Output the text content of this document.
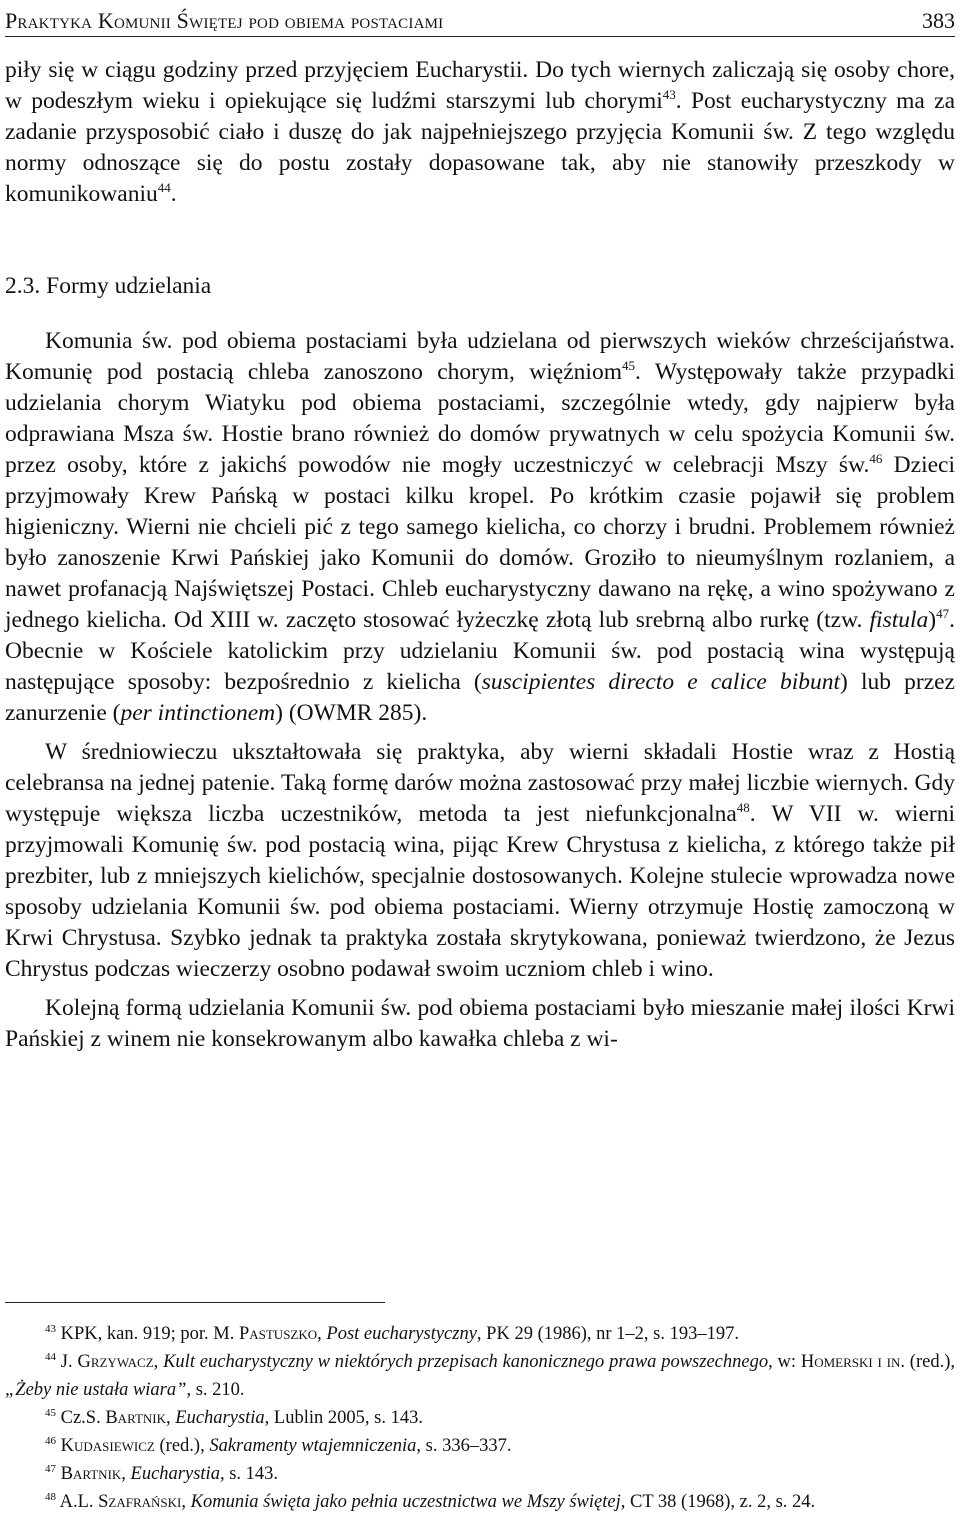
Praktyka Komunii Świętej pod obiema postaciami	383

piły się w ciągu godziny przed przyjęciem Eucharystii. Do tych wiernych zaliczają się osoby chore, w podeszłym wieku i opiekujące się ludźmi starszymi lub chorymi$^{43}$. Post eucharystyczny ma za zadanie przysposobić ciało i duszę do jak najpełniejszego przyjęcia Komunii św. Z tego względu normy odnoszące się do postu zostały dopasowane tak, aby nie stanowiły przeszkody w komunikowaniu$^{44}$.

2.3. Formy udzielania

Komunia św. pod obiema postaciami była udzielana od pierwszych wieków chrześcijaństwa. Komunię pod postacią chleba zanoszono chorym, więźniom$^{45}$. Występowały także przypadki udzielania chorym Wiatyku pod obiema postaciami, szczególnie wtedy, gdy najpierw była odprawiana Msza św. Hostie brano również do domów prywatnych w celu spożycia Komunii św. przez osoby, które z jakichś powodów nie mogły uczestniczyć w celebracji Mszy św.$^{46}$ Dzieci przyjmowały Krew Pańską w postaci kilku kropel. Po krótkim czasie pojawił się problem higieniczny. Wierni nie chcieli pić z tego samego kielicha, co chorzy i brudni. Problemem również było zanoszenie Krwi Pańskiej jako Komunii do domów. Groziło to nieumyślnym rozlaniem, a nawet profanacją Najświętszej Postaci. Chleb eucharystyczny dawano na rękę, a wino spożywano z jednego kielicha. Od XIII w. zaczęto stosować łyżeczkę złotą lub srebrną albo rurkę (tzw. fistula)$^{47}$. Obecnie w Kościele katolickim przy udzielaniu Komunii św. pod postacią wina występują następujące sposoby: bezpośrednio z kielicha (suscipientes directo e calice bibunt) lub przez zanurzenie (per intinctionem) (OWMR 285).

W średniowieczu ukształtowała się praktyka, aby wierni składali Hostie wraz z Hostią celebransa na jednej patenie. Taką formę darów można zastosować przy małej liczbie wiernych. Gdy występuje większa liczba uczestników, metoda ta jest niefunkcjonalna$^{48}$. W VII w. wierni przyjmowali Komunię św. pod postacią wina, pijąc Krew Chrystusa z kielicha, z którego także pił prezbiter, lub z mniejszych kielichów, specjalnie dostosowanych. Kolejne stulecie wprowadza nowe sposoby udzielania Komunii św. pod obiema postaciami. Wierny otrzymuje Hostię zamoczoną w Krwi Chrystusa. Szybko jednak ta praktyka została skrytykowana, ponieważ twierdzono, że Jezus Chrystus podczas wieczerzy osobno podawał swoim uczniom chleb i wino.

Kolejną formą udzielania Komunii św. pod obiema postaciami było mieszanie małej ilości Krwi Pańskiej z winem nie konsekrowanym albo kawałka chleba z wi-

$^{43}$ KPK, kan. 919; por. M. Pastuszko, Post eucharystyczny, PK 29 (1986), nr 1–2, s. 193–197.

$^{44}$ J. Grzywacz, Kult eucharystyczny w niektórych przepisach kanonicznego prawa powszechnego, w: Homerski i in. (red.), „Żeby nie ustała wiara”, s. 210.

$^{45}$ Cz.S. Bartnik, Eucharystia, Lublin 2005, s. 143.

$^{46}$ Kudasiewicz (red.), Sakramenty wtajemniczenia, s. 336–337.

$^{47}$ Bartnik, Eucharystia, s. 143.

$^{48}$ A.L. Szafrański, Komunia święta jako pełnia uczestnictwa we Mszy świętej, CT 38 (1968), z. 2, s. 24.
